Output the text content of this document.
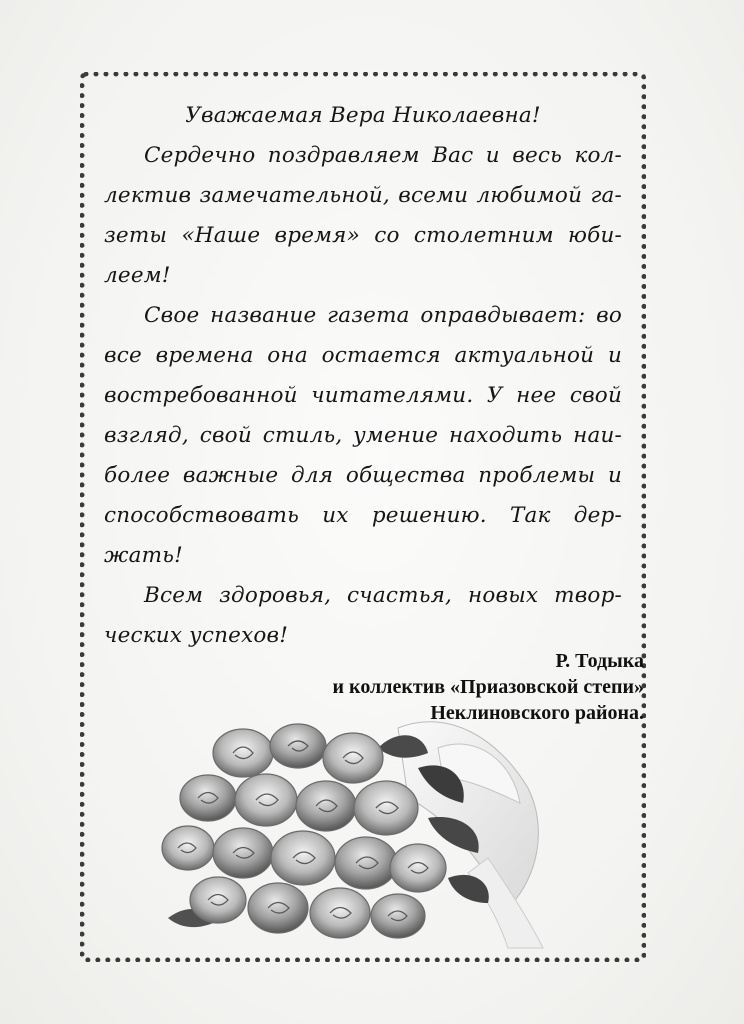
Уважаемая Вера Николаевна!

Сердечно поздравляем Вас и весь кол-

лектив замечательной, всеми любимой га-

зеты «Наше время» со столетним юби-

леем!

Свое название газета оправдывает: во

все времена она остается актуальной и

востребованной читателями. У нее свой

взгляд, свой стиль, умение находить наи-

более важные для общества проблемы и

способствовать их решению. Так дер-

жать!

Всем здоровья, счастья, новых твор-

ческих успехов!

Р. Тодыка
и коллектив «Приазовской степи»
Неклиновского района.
